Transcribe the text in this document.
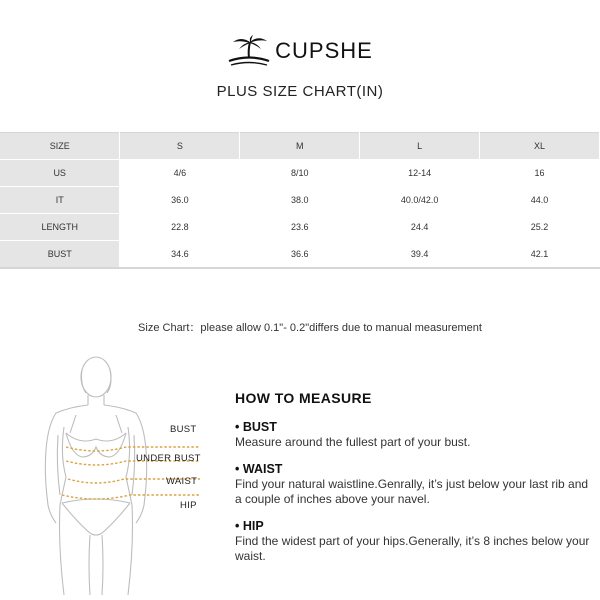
CUPSHE
PLUS SIZE CHART(IN)
SIZE	S	M	L	XL
US	4/6	8/10	12-14	16
IT	36.0	38.0	40.0/42.0	44.0
LENGTH	22.8	23.6	24.4	25.2
BUST	34.6	36.6	39.4	42.1
Size Chart：please allow 0.1"- 0.2"differs due to manual measurement
BUST
UNDER BUST
WAIST
HIP
HOW TO MEASURE
• BUST
Measure around the fullest part of your bust.
• WAIST
Find your natural waistline.Genrally, it’s just below your last rib and a couple of inches above your navel.
• HIP
Find the widest part of your hips.Generally, it’s 8 inches below your waist.
